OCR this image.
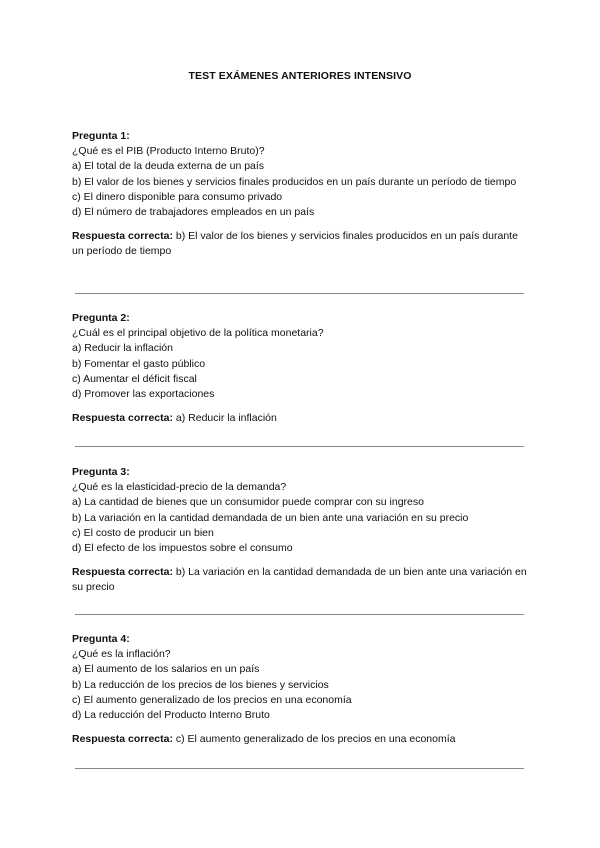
TEST EXÁMENES ANTERIORES INTENSIVO
Pregunta 1:
¿Qué es el PIB (Producto Interno Bruto)?
a) El total de la deuda externa de un país
b) El valor de los bienes y servicios finales producidos en un país durante un período de tiempo
c) El dinero disponible para consumo privado
d) El número de trabajadores empleados en un país
Respuesta correcta: b) El valor de los bienes y servicios finales producidos en un país durante un período de tiempo
Pregunta 2:
¿Cuál es el principal objetivo de la política monetaria?
a) Reducir la inflación
b) Fomentar el gasto público
c) Aumentar el déficit fiscal
d) Promover las exportaciones
Respuesta correcta: a) Reducir la inflación
Pregunta 3:
¿Qué es la elasticidad-precio de la demanda?
a) La cantidad de bienes que un consumidor puede comprar con su ingreso
b) La variación en la cantidad demandada de un bien ante una variación en su precio
c) El costo de producir un bien
d) El efecto de los impuestos sobre el consumo
Respuesta correcta: b) La variación en la cantidad demandada de un bien ante una variación en su precio
Pregunta 4:
¿Qué es la inflación?
a) El aumento de los salarios en un país
b) La reducción de los precios de los bienes y servicios
c) El aumento generalizado de los precios en una economía
d) La reducción del Producto Interno Bruto
Respuesta correcta: c) El aumento generalizado de los precios en una economía
